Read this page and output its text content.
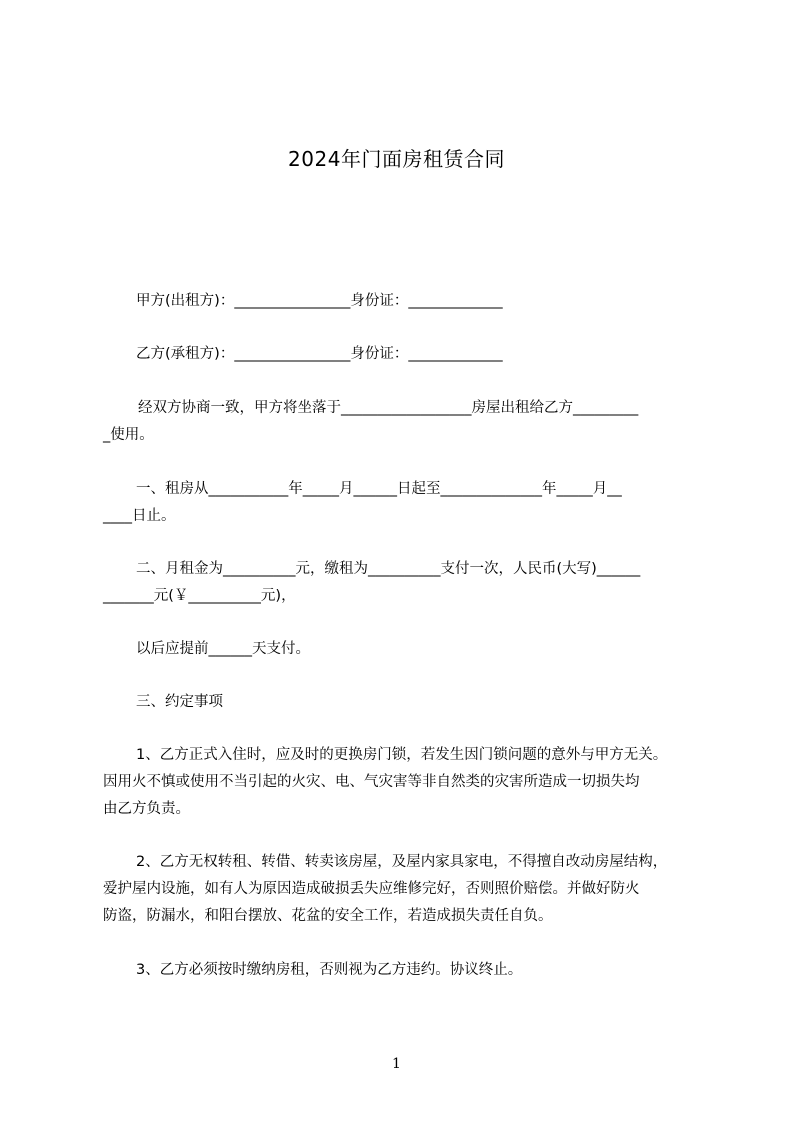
2024年门面房租赁合同
甲方(出租方)：________________身份证：_____________
乙方(承租方)：________________身份证：_____________
经双方协商一致，甲方将坐落于__________________房屋出租给乙方_________
_使用。
一、租房从___________年_____月______日起至______________年_____月__
____日止。
二、月租金为__________元，缴租为__________支付一次，人民币(大写)______
_______元(￥__________元)，
以后应提前______天支付。
三、约定事项
1、乙方正式入住时，应及时的更换房门锁，若发生因门锁问题的意外与甲方无关。
因用火不慎或使用不当引起的火灾、电、气灾害等非自然类的灾害所造成一切损失均
由乙方负责。
2、乙方无权转租、转借、转卖该房屋，及屋内家具家电，不得擅自改动房屋结构，
爱护屋内设施，如有人为原因造成破损丢失应维修完好，否则照价赔偿。并做好防火
防盗，防漏水，和阳台摆放、花盆的安全工作，若造成损失责任自负。
3、乙方必须按时缴纳房租，否则视为乙方违约。协议终止。
1
